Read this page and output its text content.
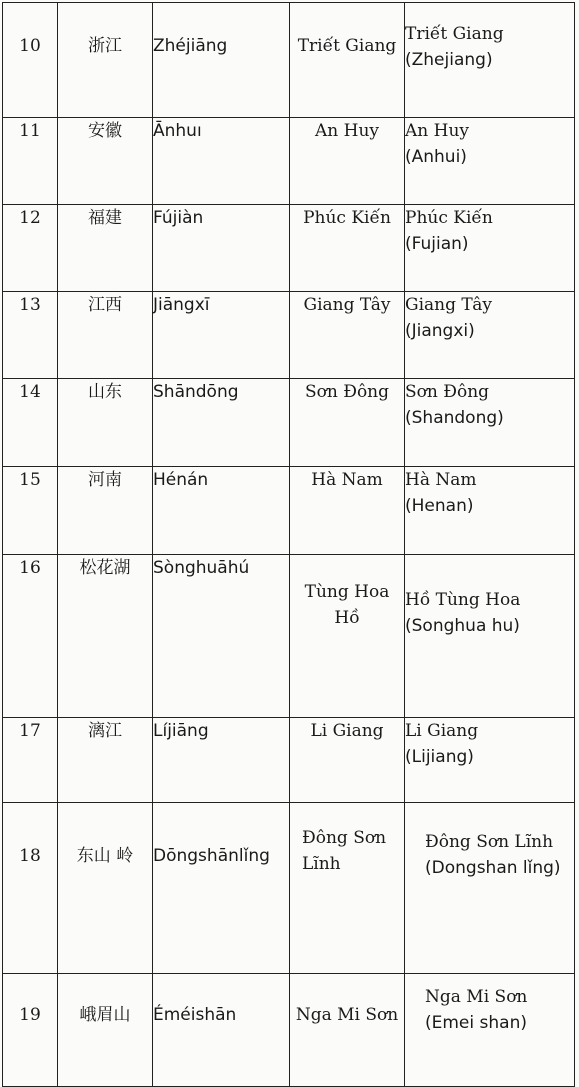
10	浙江	Zhéjiāng	Triết Giang	Triết Giang
(Zhejiang)

11	安徽	Ānhuı	An Huy	An Huy
(Anhui)

12	福建	Fújiàn	Phúc Kiến	Phúc Kiến
(Fujian)

13	江西	Jiāngxī	Giang Tây	Giang Tây
(Jiangxi)

14	山东	Shāndōng	Sơn Đông	Sơn Đông
(Shandong)

15	河南	Hénán	Hà Nam	Hà Nam
(Henan)

16	松花湖	Sònghuāhú	Tùng Hoa Hồ	Hồ Tùng Hoa
(Songhua hu)

17	漓江	Líjiāng	Li Giang	Li Giang
(Lijiang)

18	东山 岭	Dōngshānlǐng	Đông Sơn Lĩnh	Đông Sơn Lĩnh
(Dongshan lǐng)

19	峨眉山	Éméishān	Nga Mi Sơn	Nga Mi Sơn
(Emei shan)
